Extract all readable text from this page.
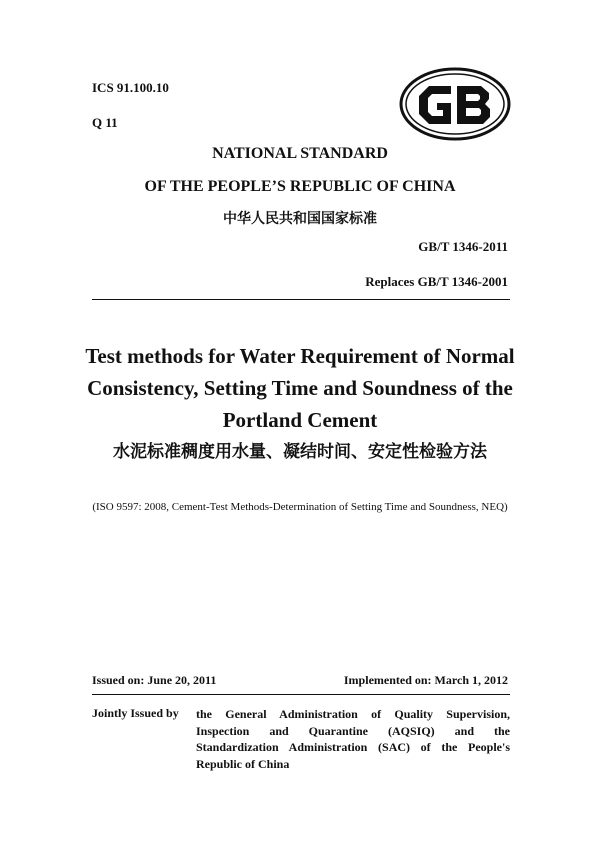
ICS 91.100.10
Q 11
NATIONAL STANDARD
OF THE PEOPLE’S REPUBLIC OF CHINA
中华人民共和国国家标准
GB/T 1346-2011
Replaces GB/T 1346-2001
Test methods for Water Requirement of Normal Consistency, Setting Time and Soundness of the Portland Cement
水泥标准稠度用水量、凝结时间、安定性检验方法
(ISO 9597: 2008, Cement-Test Methods-Determination of Setting Time and Soundness, NEQ)
Issued on: June 20, 2011	Implemented on: March 1, 2012
Jointly Issued by the General Administration of Quality Supervision, Inspection and Quarantine (AQSIQ) and the Standardization Administration (SAC) of the People's Republic of China
